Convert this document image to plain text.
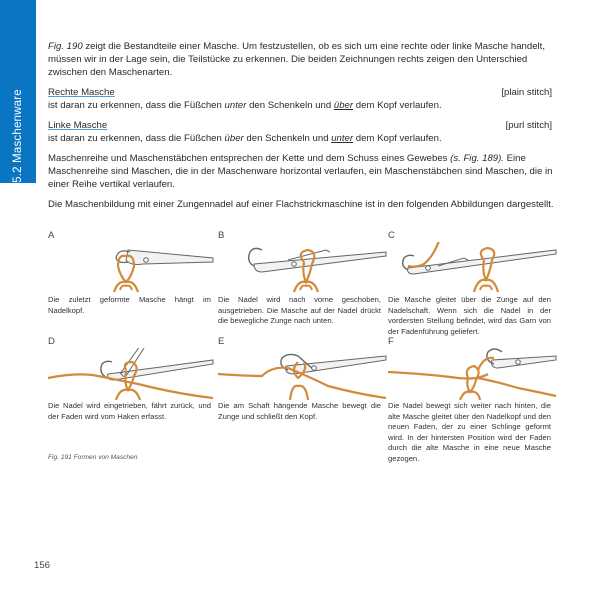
5.2 Maschenware

Fig. 190 zeigt die Bestandteile einer Masche. Um festzustellen, ob es sich um eine rechte oder linke Masche handelt, müssen wir in der Lage sein, die Teilstücke zu erkennen. Die beiden Zeichnungen rechts zeigen den Unterschied zwischen den Maschenarten.

Rechte Masche	[plain stitch]
ist daran zu erkennen, dass die Füßchen unter den Schenkeln und über dem Kopf verlaufen.
Linke Masche	[purl stitch]
ist daran zu erkennen, dass die Füßchen über den Schenkeln und unter dem Kopf verlaufen.

Maschenreihe und Maschenstäbchen entsprechen der Kette und dem Schuss eines Gewebes (s. Fig. 189). Eine Maschenreihe sind Maschen, die in der Maschenware horizontal verlaufen, ein Maschenstäbchen sind Maschen, die in einer Reihe vertikal verlaufen.

Die Maschenbildung mit einer Zungennadel auf einer Flachstrickmaschine ist in den folgenden Abbildungen dargestellt.

A
Die zuletzt geformte Masche hängt im Nadelkopf.
B
Die Nadel wird nach vorne geschoben, ausgetrieben. Die Masche auf der Nadel drückt die bewegliche Zunge nach unten.
C
Die Masche gleitet über die Zunge auf den Nadelschaft. Wenn sich die Nadel in der vordersten Stellung befindet, wird das Garn von der Fadenführung geliefert.
D
Die Nadel wird eingetrieben, fährt zurück, und der Faden wird vom Haken erfasst.
E
Die am Schaft hängende Masche bewegt die Zunge und schließt den Kopf.
F
Die Nadel bewegt sich weiter nach hinten, die alte Masche gleitet über den Nadelkopf und den neuen Faden, der zu einer Schlinge geformt wird. In der hintersten Position wird der Faden durch die alte Masche in eine neue Masche gezogen.
Fig. 191 Formen von Maschen
156
